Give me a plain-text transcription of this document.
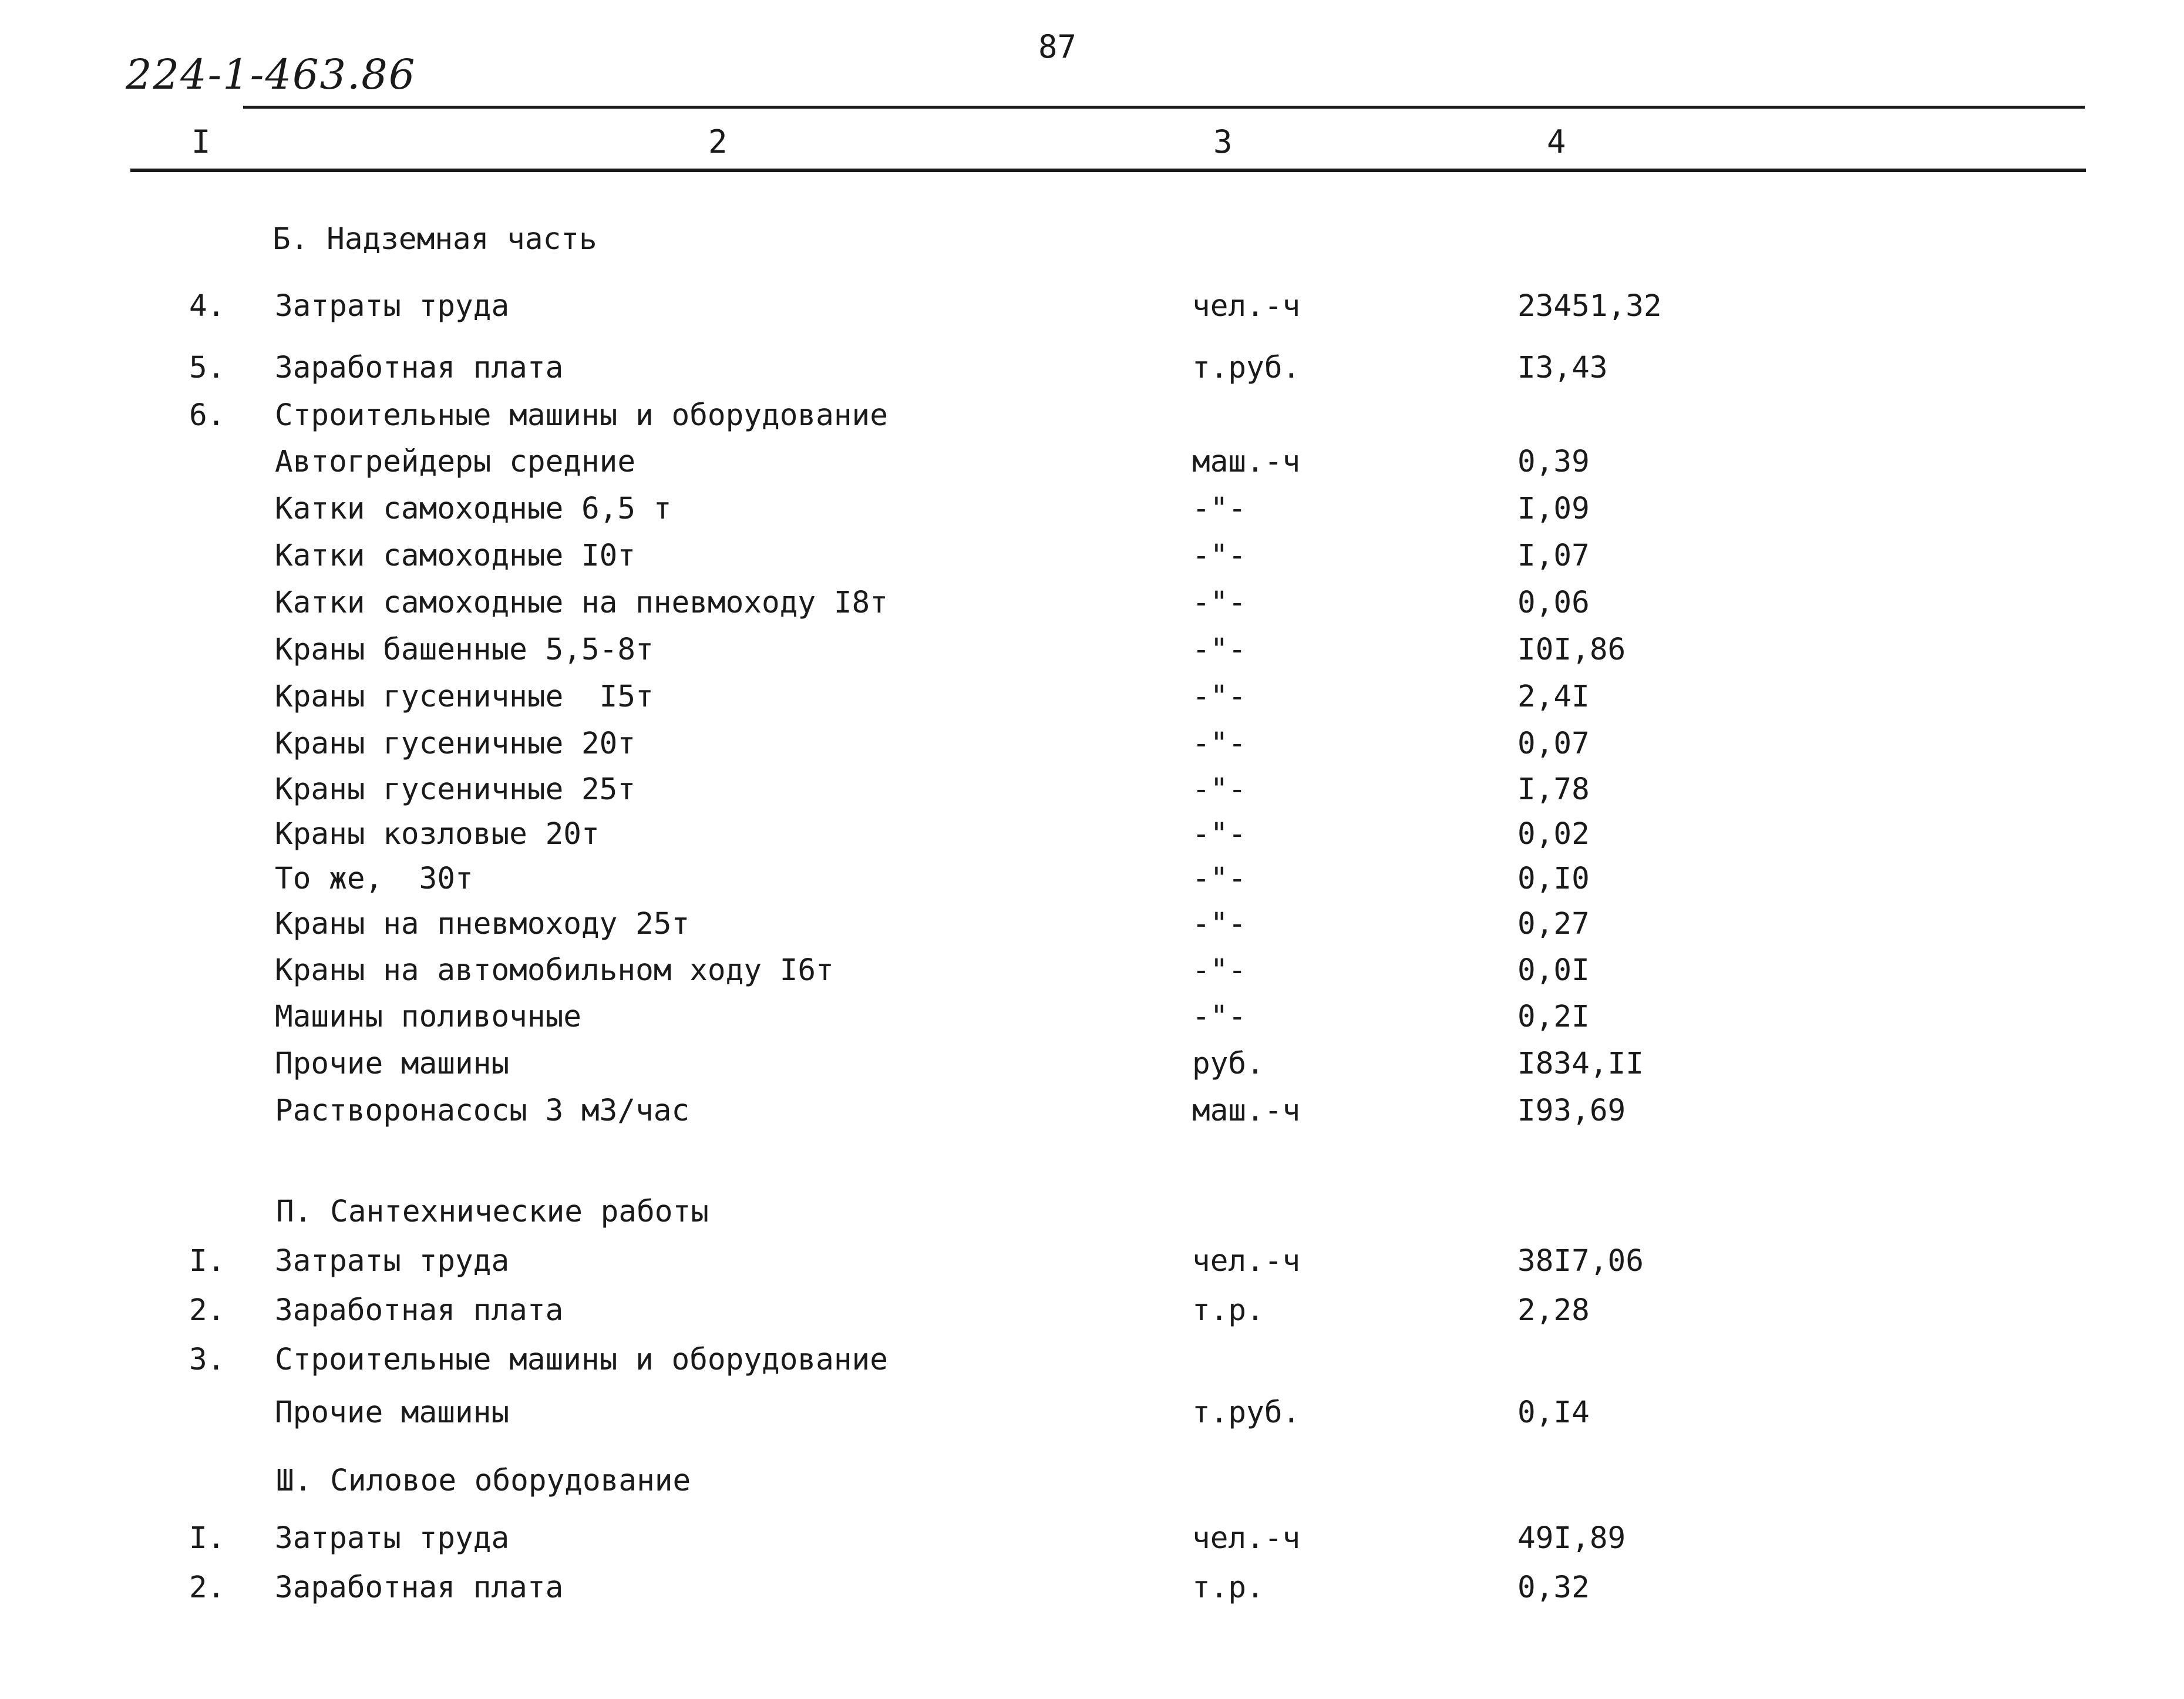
87
224-1-463.86
I	2	3	4
Б. Надземная часть
4. Затраты труда	чел.-ч	23451,32
5. Заработная плата	т.руб.	I3,43
6. Строительные машины и оборудование
Автогрейдеры средние	маш.-ч	0,39
Катки самоходные 6,5 т	-"-	I,09
Катки самоходные I0т	-"-	I,07
Катки самоходные на пневмоходу I8т	-"-	0,06
Краны башенные 5,5-8т	-"-	I0I,86
Краны гусеничные  I5т	-"-	2,4I
Краны гусеничные 20т	-"-	0,07
Краны гусеничные 25т	-"-	I,78
Краны козловые 20т	-"-	0,02
То же,  30т	-"-	0,I0
Краны на пневмоходу 25т	-"-	0,27
Краны на автомобильном ходу I6т	-"-	0,0I
Машины поливочные	-"-	0,2I
Прочие машины	руб.	I834,II
Растворонасосы 3 м3/час	маш.-ч	I93,69
П. Сантехнические работы
I. Затраты труда	чел.-ч	38I7,06
2. Заработная плата	т.р.	2,28
3. Строительные машины и оборудование
Прочие машины	т.руб.	0,I4
Ш. Силовое оборудование
I. Затраты труда	чел.-ч	49I,89
2. Заработная плата	т.р.	0,32
